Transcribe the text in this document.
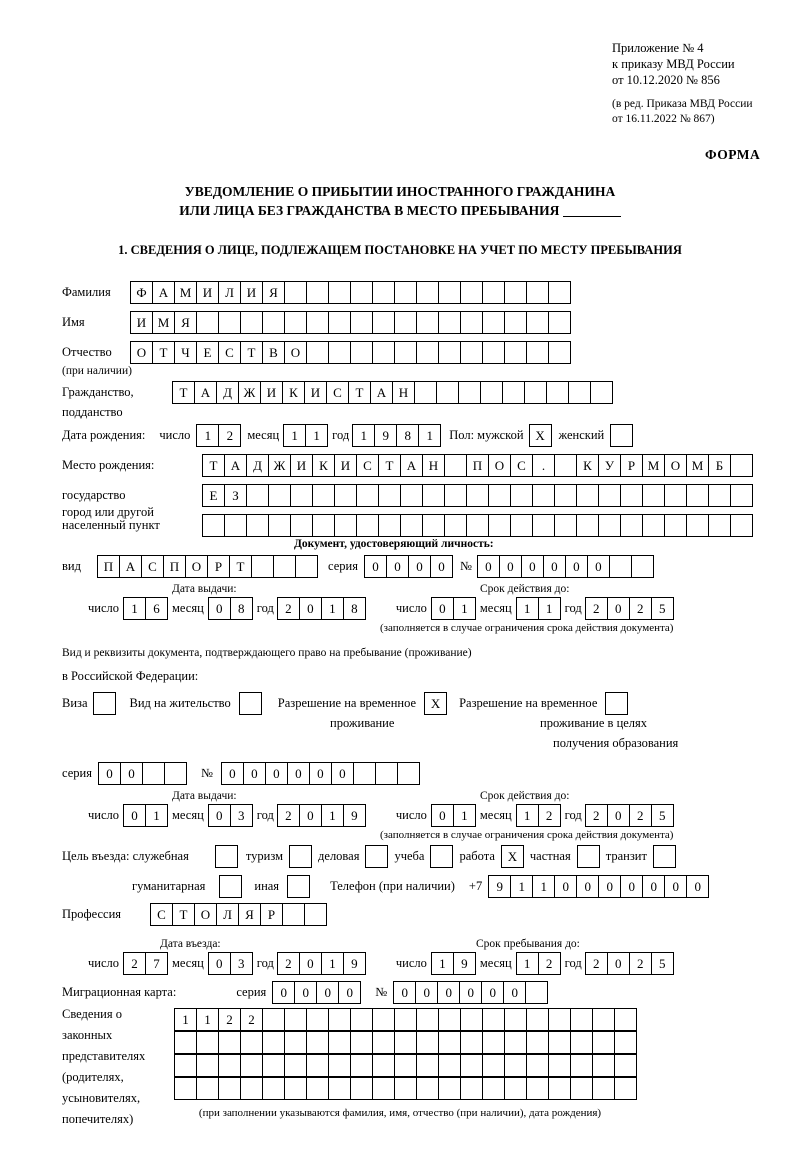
Приложение № 4
к приказу МВД России
от 10.12.2020 № 856
(в ред. Приказа МВД России
от 16.11.2022 № 867)
ФОРМА
УВЕДОМЛЕНИЕ О ПРИБЫТИИ ИНОСТРАННОГО ГРАЖДАНИНА
ИЛИ ЛИЦА БЕЗ ГРАЖДАНСТВА В МЕСТО ПРЕБЫВАНИЯ
1. СВЕДЕНИЯ О ЛИЦЕ, ПОДЛЕЖАЩЕМ ПОСТАНОВКЕ НА УЧЕТ ПО МЕСТУ ПРЕБЫВАНИЯ
Фамилия	Ф А М И Л И Я
Имя	И М Я
Отчество	О	Т	Ч	Е	С	Т	В О
(при наличии)
Гражданство,	Т	А Д Ж И К И С	Т	А Н
подданство
Дата рождения: число	1	2	месяц 1	1 год 1	9	8	1	Пол: мужской X	женский
Место рождения:	Т	А Д Ж И К И С	Т	А Н	П О С	.	К	У	Р М О М Б
государство	Е	З
город или другой
населенный пункт
Документ, удостоверяющий личность:
вид	П А С П О	Р	Т	серия	0	0	0	0	№	0	0	0	0	0	0
Дата выдачи:	Срок действия до:
число 1	6 месяц 0	8 год 2	0	1	8	число 0	1 месяц 1	1 год 2	0	2	5
(заполняется в случае ограничения срока действия документа)
Вид и реквизиты документа, подтверждающего право на пребывание (проживание)
в Российской Федерации:
Виза	Вид на жительство	Разрешение на временное	X	Разрешение на временное
проживание	проживание в целях
получения образования
серия	0	0	№	0	0	0	0	0	0
Дата выдачи:	Срок действия до:
число 0	1 месяц 0	3 год 2	0	1	9	число 0	1 месяц 1	2 год 2	0	2	5
(заполняется в случае ограничения срока действия документа)
Цель въезда: служебная	туризм	деловая	учеба	работа X	частная	транзит
гуманитарная	иная	Телефон (при наличии) +7	9	1	1	0	0	0	0	0	0	0
Профессия	С	Т	О Л	Я	Р
Дата въезда:	Срок пребывания до:
число 2	7 месяц 0	3 год 2	0	1	9	число 1	9 месяц 1	2 год 2	0	2	5
Миграционная карта:	серия	0	0	0	0	№	0	0	0	0	0	0
Сведения о
законных
представителях
(родителях,
усыновителях,
попечителях)
1	1	2	2
(при заполнении указываются фамилия, имя, отчество (при наличии), дата рождения)
